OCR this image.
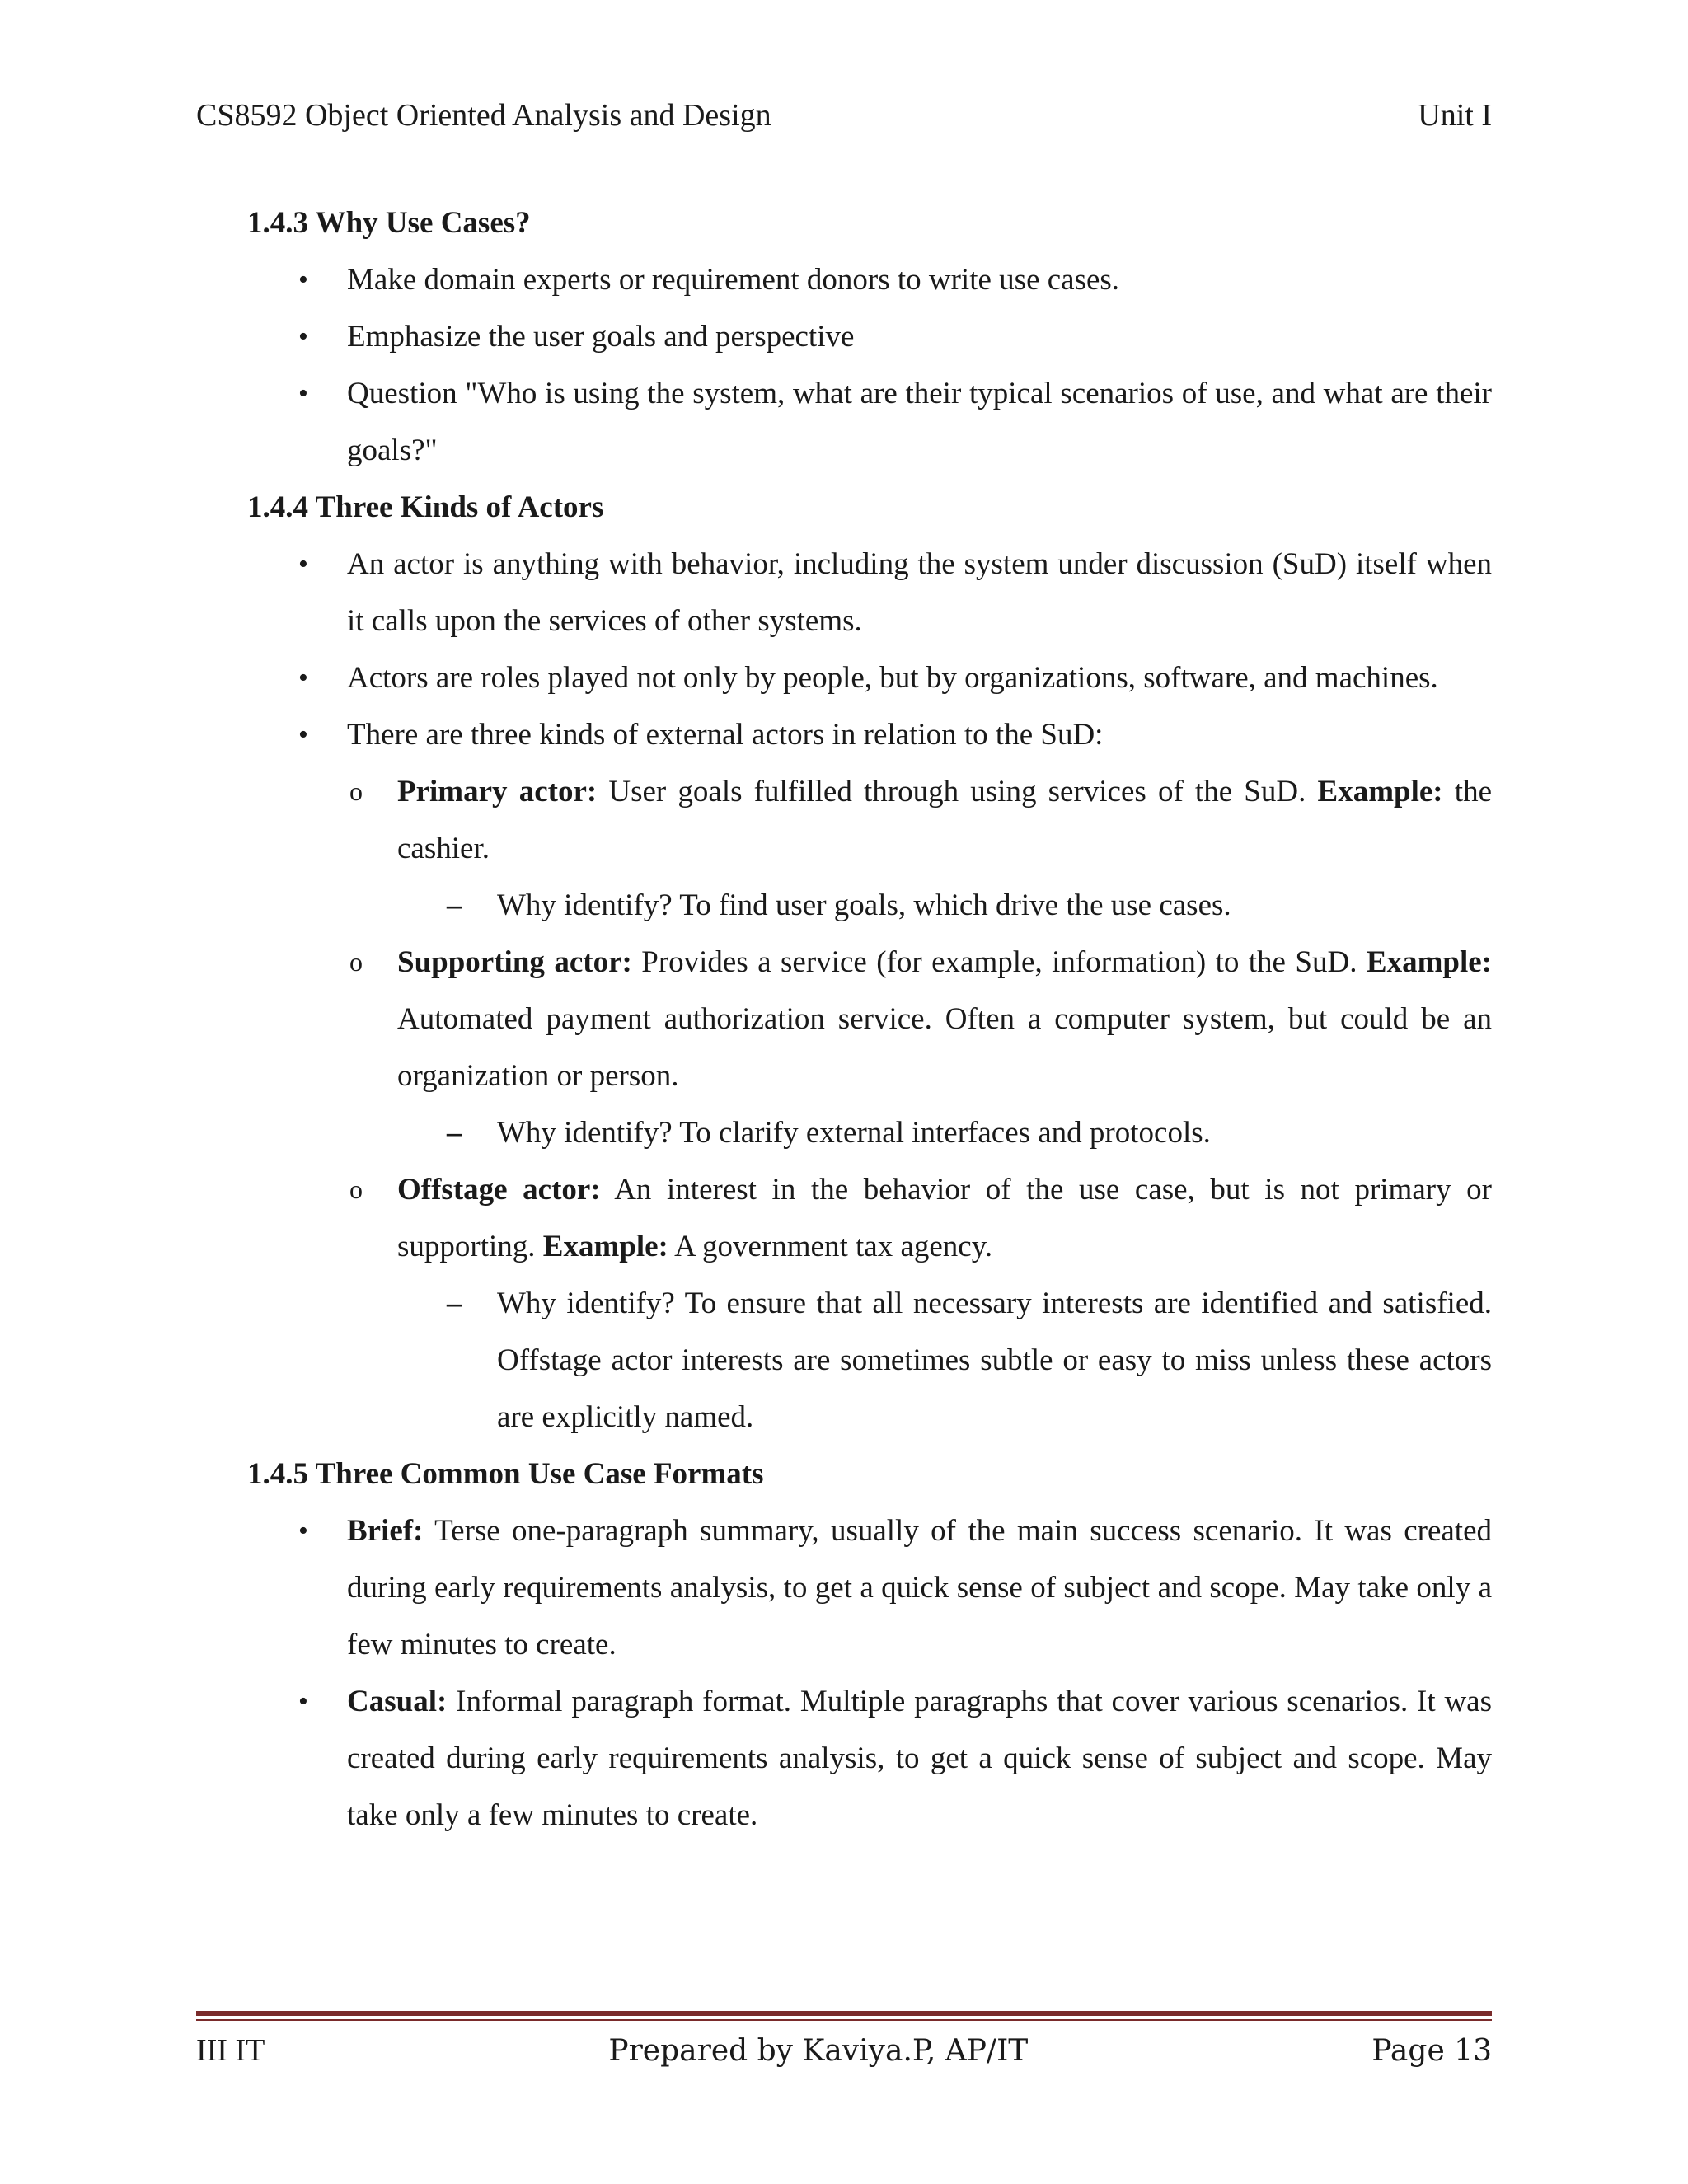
CS8592 Object Oriented Analysis and Design	Unit I
1.4.3 Why Use Cases?
• Make domain experts or requirement donors to write use cases.
• Emphasize the user goals and perspective
• Question "Who is using the system, what are their typical scenarios of use, and what are their goals?"
1.4.4 Three Kinds of Actors
• An actor is anything with behavior, including the system under discussion (SuD) itself when it calls upon the services of other systems.
• Actors are roles played not only by people, but by organizations, software, and machines.
• There are three kinds of external actors in relation to the SuD:
o Primary actor: User goals fulfilled through using services of the SuD. Example: the cashier.
– Why identify? To find user goals, which drive the use cases.
o Supporting actor: Provides a service (for example, information) to the SuD. Example: Automated payment authorization service. Often a computer system, but could be an organization or person.
– Why identify? To clarify external interfaces and protocols.
o Offstage actor: An interest in the behavior of the use case, but is not primary or supporting. Example: A government tax agency.
– Why identify? To ensure that all necessary interests are identified and satisfied. Offstage actor interests are sometimes subtle or easy to miss unless these actors are explicitly named.
1.4.5 Three Common Use Case Formats
• Brief: Terse one-paragraph summary, usually of the main success scenario. It was created during early requirements analysis, to get a quick sense of subject and scope. May take only a few minutes to create.
• Casual: Informal paragraph format. Multiple paragraphs that cover various scenarios. It was created during early requirements analysis, to get a quick sense of subject and scope. May take only a few minutes to create.
III IT	Prepared by Kaviya.P, AP/IT	Page 13
